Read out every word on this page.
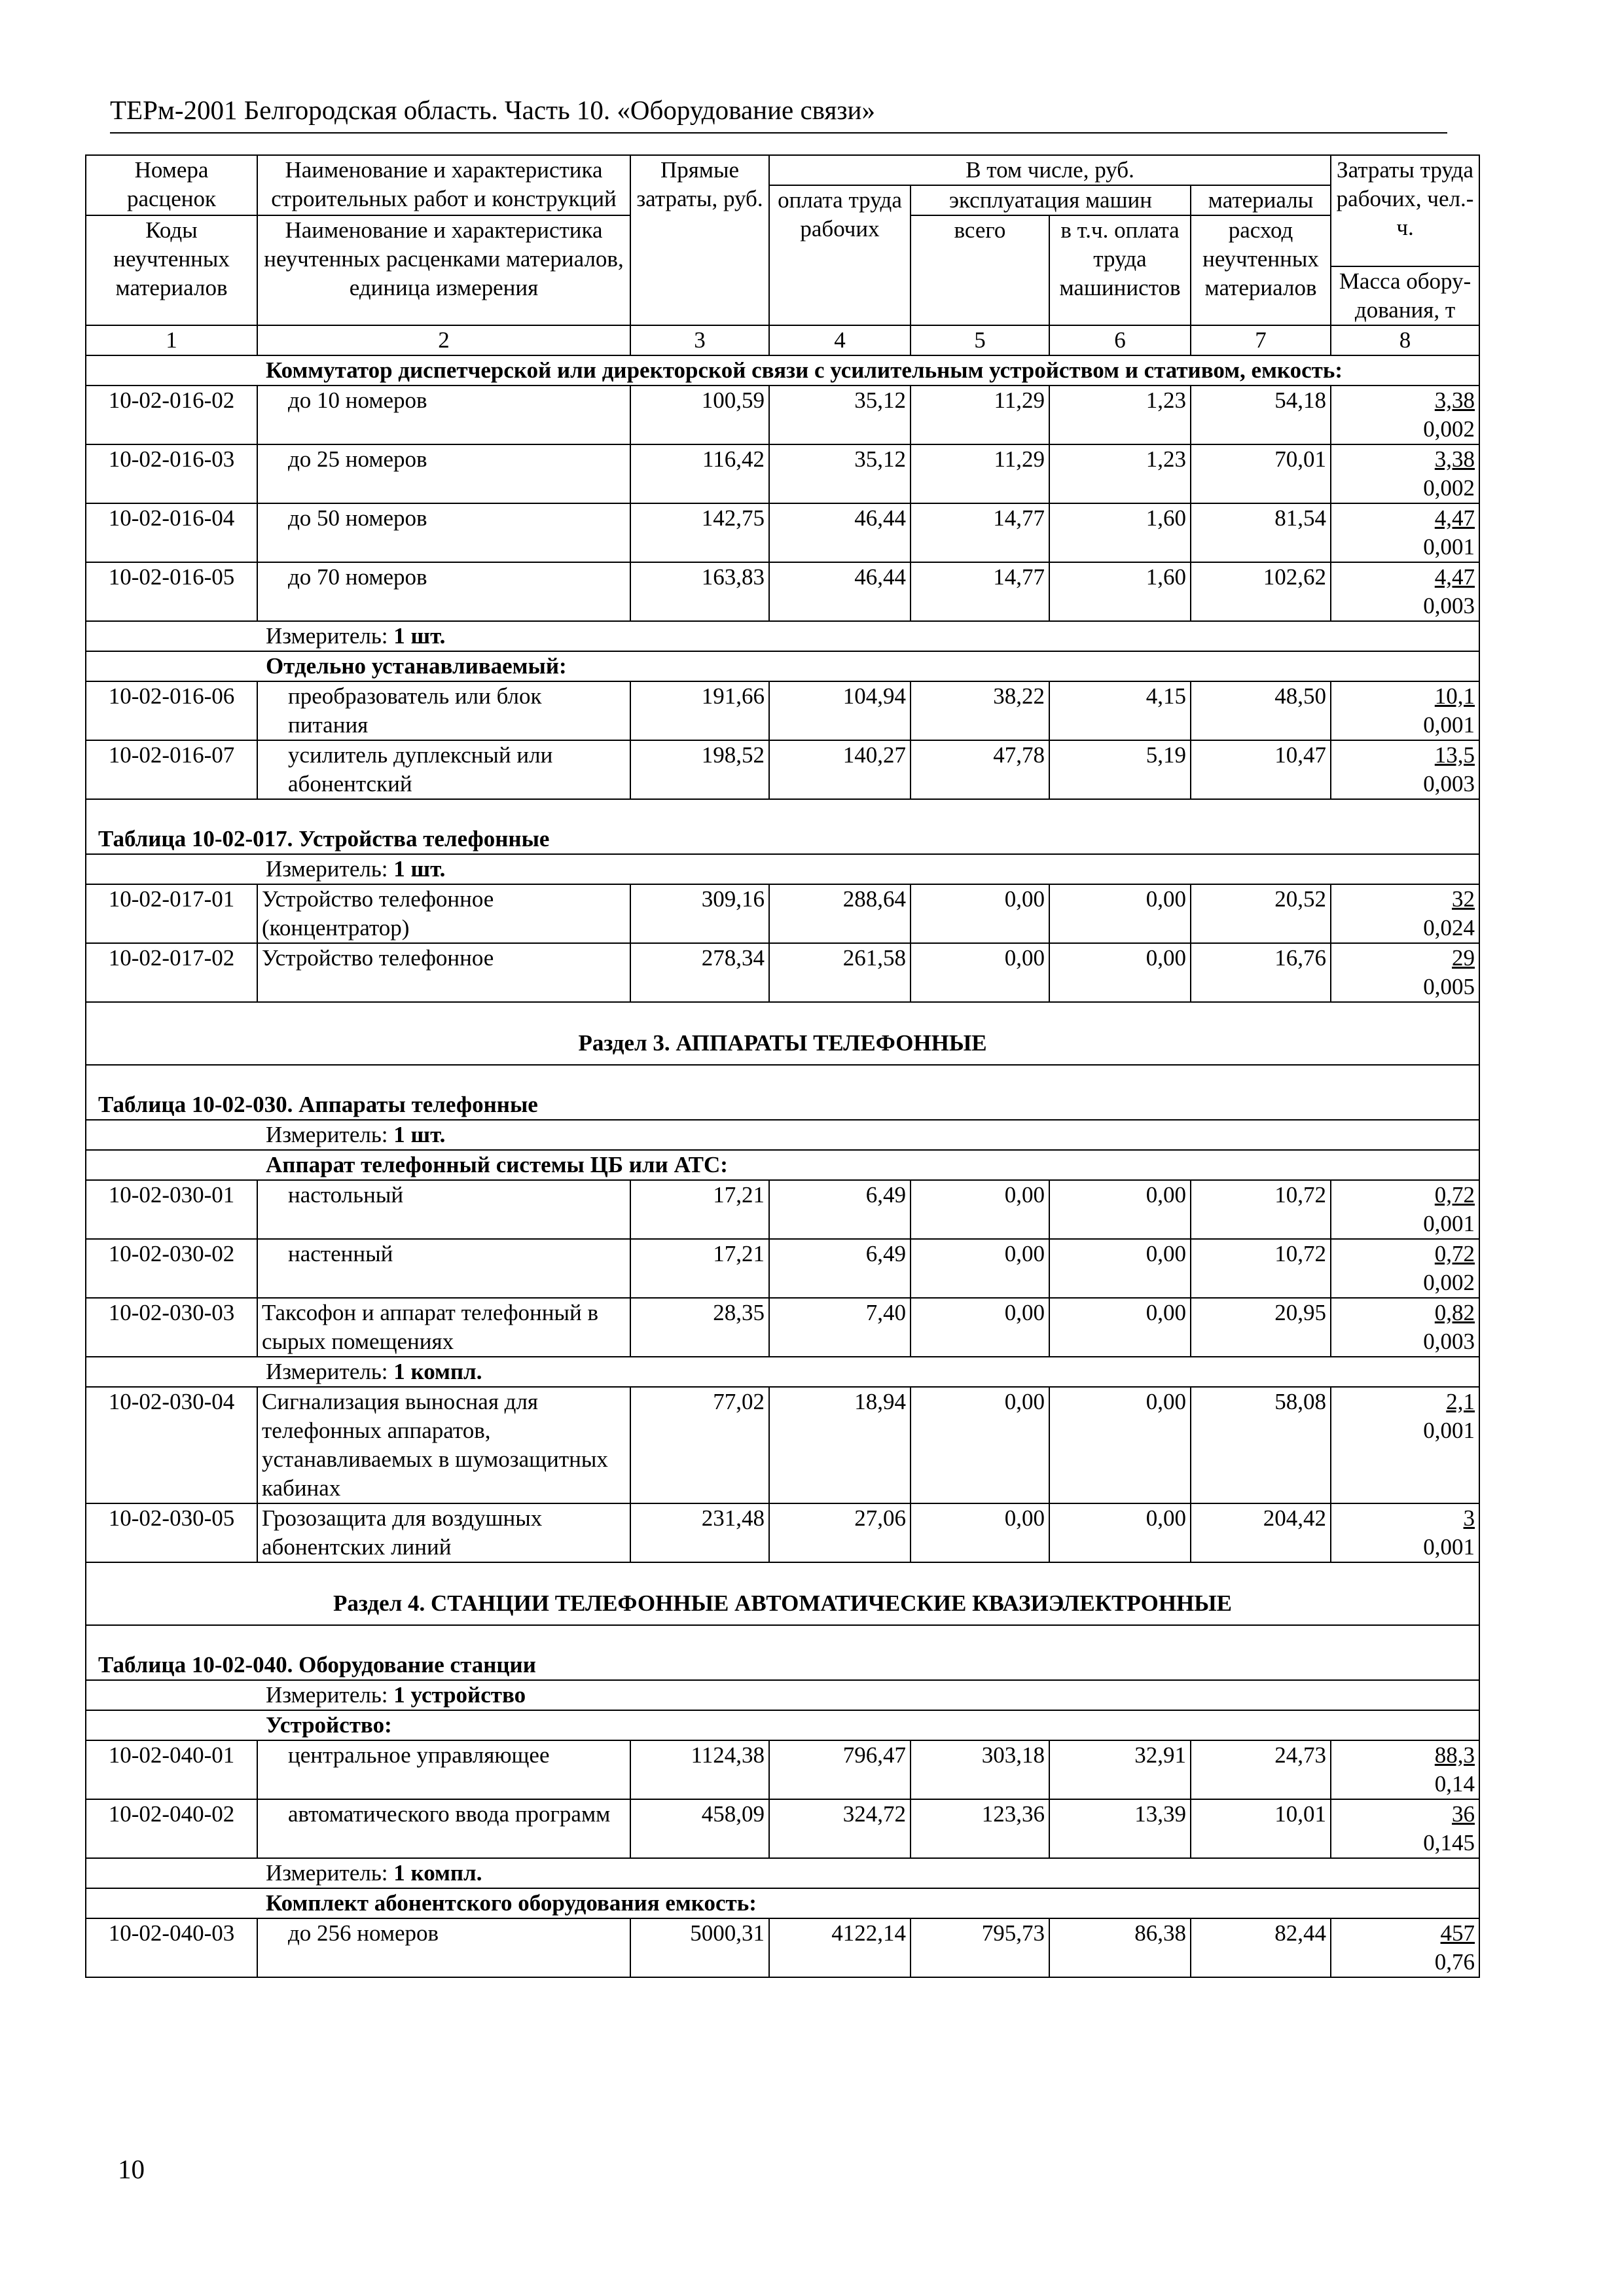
ТЕРм-2001 Белгородская область. Часть 10. «Оборудование связи»
Номера расценок	Наименование и характеристика строительных работ и конструкций	Прямые затраты, руб.	В том числе, руб.				Затраты труда рабочих, чел.-ч.
			оплата труда рабочих	эксплуатация машин		материалы	
Коды неучтенных материалов	Наименование и характеристика неучтенных расценками материалов, единица измерения			всего	в т.ч. оплата труда машинистов	расход неучтенных материалов	
							Масса обору-дования, т
1	2	3	4	5	6	7	8
Коммутатор диспетчерской или директорской связи с усилительным устройством и стативом, емкость:							
10-02-016-02	до 10 номеров	100,59	35,12	11,29	1,23	54,18	3,38
0,002
10-02-016-03	до 25 номеров	116,42	35,12	11,29	1,23	70,01	3,38
0,002
10-02-016-04	до 50 номеров	142,75	46,44	14,77	1,60	81,54	4,47
0,001
10-02-016-05	до 70 номеров	163,83	46,44	14,77	1,60	102,62	4,47
0,003
Измеритель: 1 шт.							
Отдельно устанавливаемый:							
10-02-016-06	преобразователь или блок питания	191,66	104,94	38,22	4,15	48,50	10,1
0,001
10-02-016-07	усилитель дуплексный или абонентский	198,52	140,27	47,78	5,19	10,47	13,5
0,003
Таблица 10-02-017. Устройства телефонные							
Измеритель: 1 шт.							
10-02-017-01	Устройство телефонное (концентратор)	309,16	288,64	0,00	0,00	20,52	32
0,024
10-02-017-02	Устройство телефонное	278,34	261,58	0,00	0,00	16,76	29
0,005
Раздел 3. АППАРАТЫ ТЕЛЕФОННЫЕ							
Таблица 10-02-030. Аппараты телефонные							
Измеритель: 1 шт.							
Аппарат телефонный системы ЦБ или АТС:							
10-02-030-01	настольный	17,21	6,49	0,00	0,00	10,72	0,72
0,001
10-02-030-02	настенный	17,21	6,49	0,00	0,00	10,72	0,72
0,002
10-02-030-03	Таксофон и аппарат телефонный в сырых помещениях	28,35	7,40	0,00	0,00	20,95	0,82
0,003
Измеритель: 1 компл.							
10-02-030-04	Сигнализация выносная для телефонных аппаратов, устанавливаемых в шумозащитных кабинах	77,02	18,94	0,00	0,00	58,08	2,1
0,001
10-02-030-05	Грозозащита для воздушных абонентских линий	231,48	27,06	0,00	0,00	204,42	3
0,001
Раздел 4. СТАНЦИИ ТЕЛЕФОННЫЕ АВТОМАТИЧЕСКИЕ КВАЗИЭЛЕКТРОННЫЕ							
Таблица 10-02-040. Оборудование станции							
Измеритель: 1 устройство							
Устройство:							
10-02-040-01	центральное управляющее	1124,38	796,47	303,18	32,91	24,73	88,3
0,14
10-02-040-02	автоматического ввода программ	458,09	324,72	123,36	13,39	10,01	36
0,145
Измеритель: 1 компл.							
Комплект абонентского оборудования емкость:							
10-02-040-03	до 256 номеров	5000,31	4122,14	795,73	86,38	82,44	457
0,76
10
